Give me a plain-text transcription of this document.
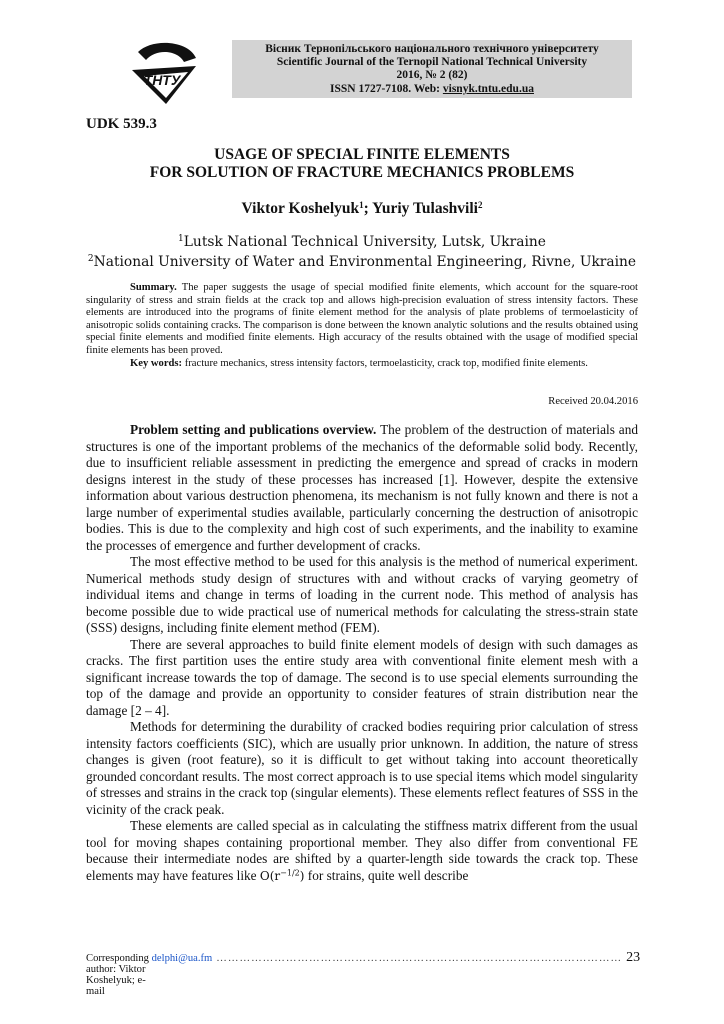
ТНТУ
Вісник Тернопільського національного технічного університету
Scientific Journal of the Ternopil National Technical University
2016, № 2 (82)
ISSN 1727-7108. Web: visnyk.tntu.edu.ua
UDK 539.3
USAGE OF SPECIAL FINITE ELEMENTS
FOR SOLUTION OF FRACTURE MECHANICS PROBLEMS
Viktor Koshelyuk$^1$; Yuriy Tulashvili$^2$
$^1$Lutsk National Technical University, Lutsk, Ukraine
$^2$National University of Water and Environmental Engineering, Rivne, Ukraine

Summary. The paper suggests the usage of special modified finite elements, which account for the square-root singularity of stress and strain fields at the crack top and allows high-precision evaluation of stress intensity factors. These elements are introduced into the programs of finite element method for the analysis of plate problems of termoelasticity of anisotropic solids containing cracks. The comparison is done between the known analytic solutions and the results obtained using special finite elements and modified finite elements. High accuracy of the results obtained with the usage of modified special finite elements has been proved.

Key words: fracture mechanics, stress intensity factors, termoelasticity, crack top, modified finite elements.

Received 20.04.2016

Problem setting and publications overview. The problem of the destruction of materials and structures is one of the important problems of the mechanics of the deformable solid body. Recently, due to insufficient reliable assessment in predicting the emergence and spread of cracks in modern designs interest in the study of these processes has increased [1]. However, despite the extensive information about various destruction phenomena, its mechanism is not fully known and there is not a large number of experimental studies available, particularly concerning the destruction of anisotropic bodies. This is due to the complexity and high cost of such experiments, and the inability to examine the processes of emergence and further development of cracks.

The most effective method to be used for this analysis is the method of numerical experiment. Numerical methods study design of structures with and without cracks of varying geometry of individual items and change in terms of loading in the current node. This method of analysis has become possible due to wide practical use of numerical methods for calculating the stress-strain state (SSS) designs, including finite element method (FEM).

There are several approaches to build finite element models of design with such damages as cracks. The first partition uses the entire study area with conventional finite element mesh with a significant increase towards the top of damage. The second is to use special elements surrounding the top of the damage and provide an opportunity to consider features of strain distribution near the damage [2 – 4].

Methods for determining the durability of cracked bodies requiring prior calculation of stress intensity factors coefficients (SIC), which are usually prior unknown. In addition, the nature of stress changes is given (root feature), so it is difficult to get without taking into account theoretically grounded concordant results. The most correct approach is to use special items which model singularity of stresses and strains in the crack top (singular elements). These elements reflect features of SSS in the vicinity of the crack peak.

These elements are called special as in calculating the stiffness matrix different from the usual tool for moving shapes containing proportional member. They also differ from conventional FE because their intermediate nodes are shifted by a quarter-length side towards the crack top. These elements may have features like $O(r^{-1/2})$ for strains, quite well describe

Corresponding author: Viktor Koshelyuk; e-mail

delphi@ua.fm …………………………………………………………………………………………… 23
